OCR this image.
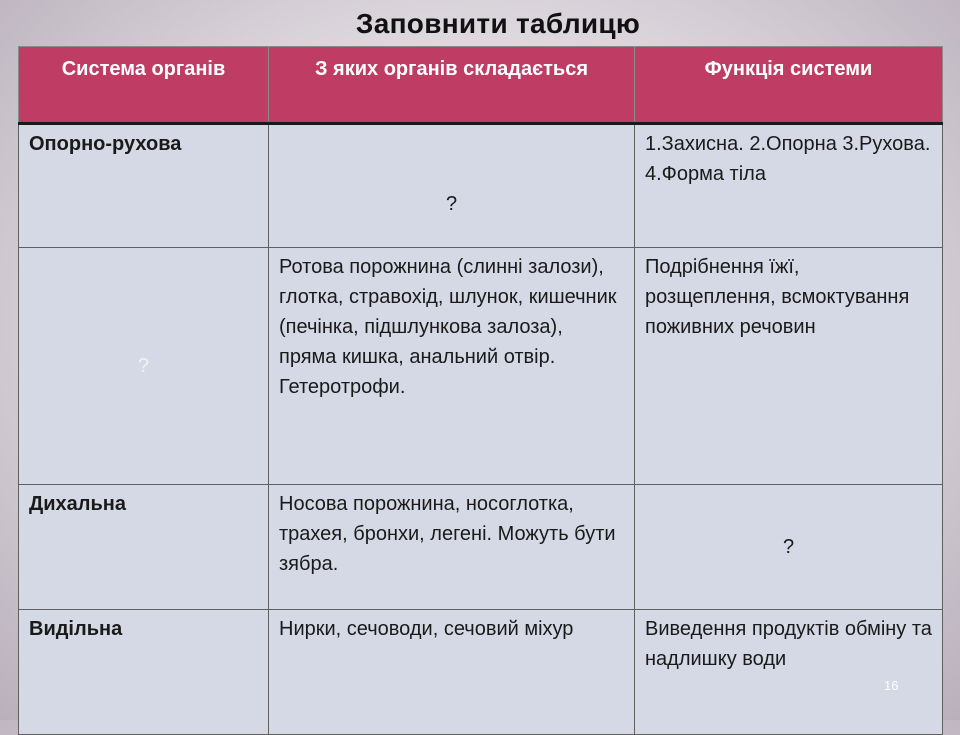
Заповнити таблицю
Система органів	З яких органів складається	Функція системи
Опорно-рухова	?	1.Захисна. 2.Опорна 3.Рухова. 4.Форма тіла
?	Ротова порожнина (слинні залози), глотка, стравохід, шлунок, кишечник (печінка, підшлункова залоза), пряма кишка, анальний отвір. Гетеротрофи.	Подрібнення їжї, розщеплення, всмоктування поживних речовин
Дихальна	Носова порожнина, носоглотка, трахея, бронхи, легені. Можуть бути зябра.	?
Видільна	Нирки, сечоводи, сечовий міхур	Виведення продуктів обміну та надлишку води
16
